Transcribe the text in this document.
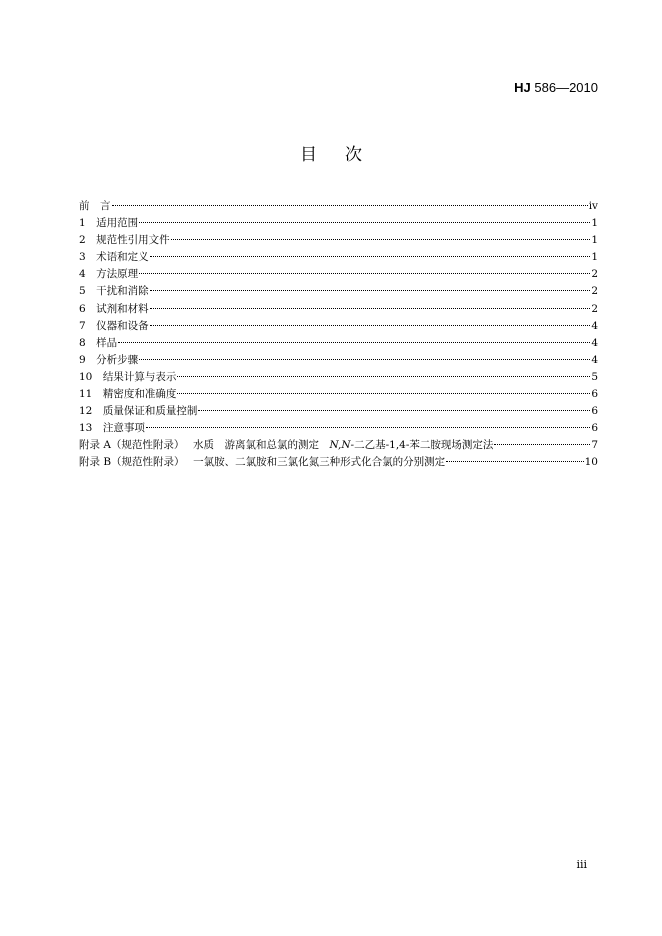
HJ 586—2010
目次
前　言	iv
1　适用范围	1
2　规范性引用文件	1
3　术语和定义	1
4　方法原理	2
5　干扰和消除	2
6　试剂和材料	2
7　仪器和设备	4
8　样品	4
9　分析步骤	4
10　结果计算与表示	5
11　精密度和准确度	6
12　质量保证和质量控制	6
13　注意事项	6
附录 A（规范性附录）　 水质　游离氯和总氯的测定　N,N-二乙基-1,4-苯二胺现场测定法	7
附录 B（规范性附录）　 一氯胺、二氯胺和三氯化氮三种形式化合氯的分别测定	10
iii
